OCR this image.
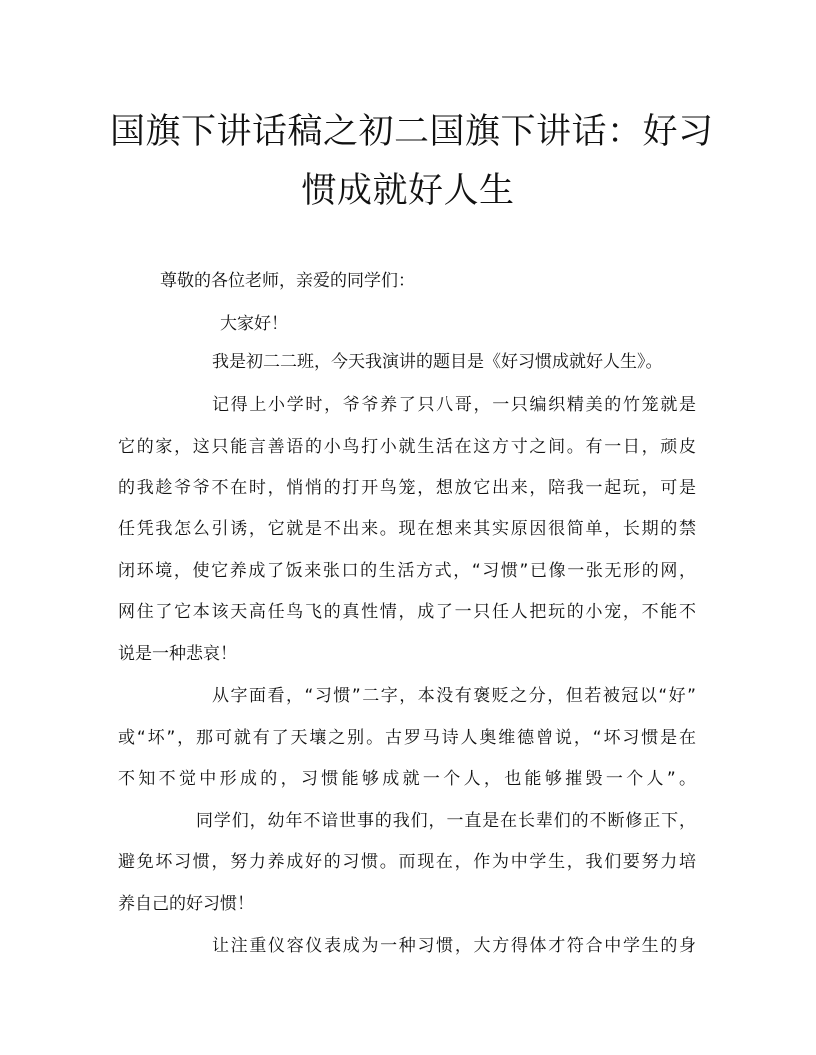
国旗下讲话稿之初二国旗下讲话：好习
惯成就好人生

尊敬的各位老师，亲爱的同学们：

大家好！

我是初二二班，今天我演讲的题目是《好习惯成就好人生》。

记得上小学时，爷爷养了只八哥，一只编织精美的竹笼就是

它的家，这只能言善语的小鸟打小就生活在这方寸之间。有一日，顽皮

的我趁爷爷不在时，悄悄的打开鸟笼，想放它出来，陪我一起玩，可是

任凭我怎么引诱，它就是不出来。现在想来其实原因很简单，长期的禁

闭环境，使它养成了饭来张口的生活方式，“习惯”已像一张无形的网，

网住了它本该天高任鸟飞的真性情，成了一只任人把玩的小宠，不能不

说是一种悲哀！

从字面看，“习惯”二字，本没有褒贬之分，但若被冠以“好”

或“坏”，那可就有了天壤之别。古罗马诗人奥维德曾说，“坏习惯是在

不知不觉中形成的，习惯能够成就一个人，也能够摧毁一个人”。

同学们，幼年不谙世事的我们，一直是在长辈们的不断修正下，

避免坏习惯，努力养成好的习惯。而现在，作为中学生，我们要努力培

养自己的好习惯！

让注重仪容仪表成为一种习惯，大方得体才符合中学生的身
